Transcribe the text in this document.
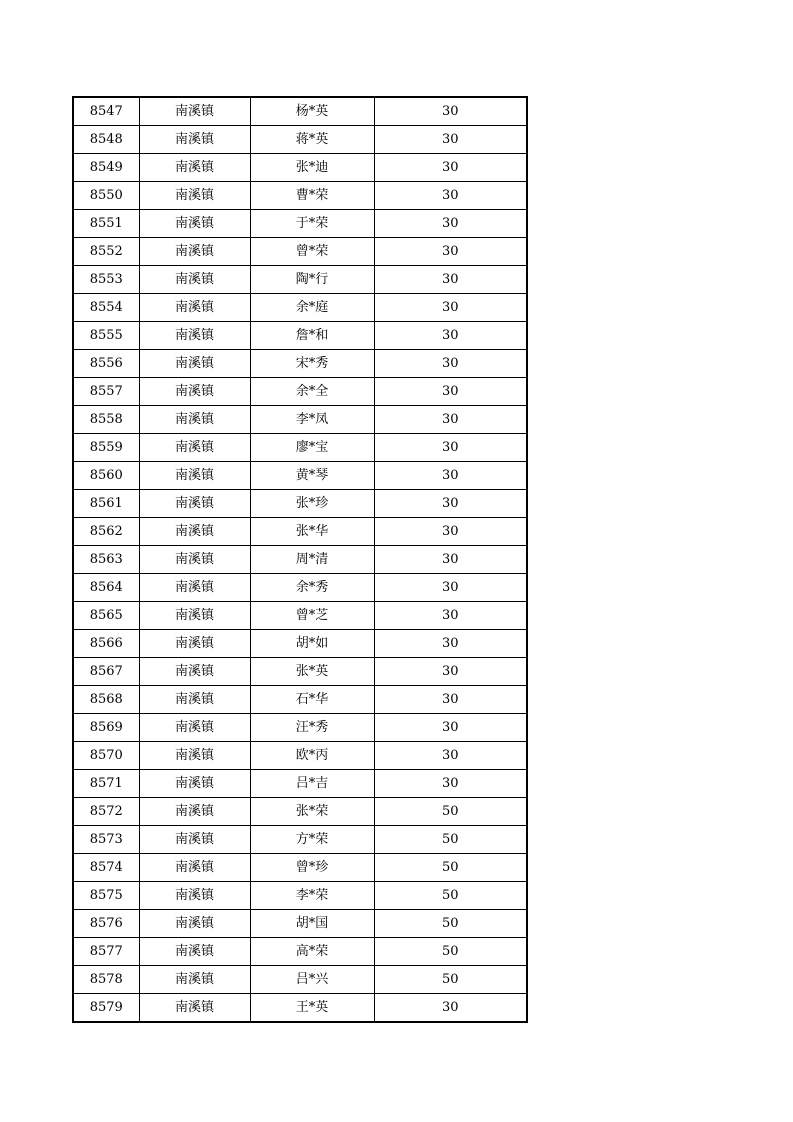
8547	南溪镇	杨*英	30
8548	南溪镇	蒋*英	30
8549	南溪镇	张*迪	30
8550	南溪镇	曹*荣	30
8551	南溪镇	于*荣	30
8552	南溪镇	曾*荣	30
8553	南溪镇	陶*行	30
8554	南溪镇	余*庭	30
8555	南溪镇	詹*和	30
8556	南溪镇	宋*秀	30
8557	南溪镇	余*全	30
8558	南溪镇	李*凤	30
8559	南溪镇	廖*宝	30
8560	南溪镇	黄*琴	30
8561	南溪镇	张*珍	30
8562	南溪镇	张*华	30
8563	南溪镇	周*清	30
8564	南溪镇	余*秀	30
8565	南溪镇	曾*芝	30
8566	南溪镇	胡*如	30
8567	南溪镇	张*英	30
8568	南溪镇	石*华	30
8569	南溪镇	汪*秀	30
8570	南溪镇	欧*丙	30
8571	南溪镇	吕*吉	30
8572	南溪镇	张*荣	50
8573	南溪镇	方*荣	50
8574	南溪镇	曾*珍	50
8575	南溪镇	李*荣	50
8576	南溪镇	胡*国	50
8577	南溪镇	高*荣	50
8578	南溪镇	吕*兴	50
8579	南溪镇	王*英	30
